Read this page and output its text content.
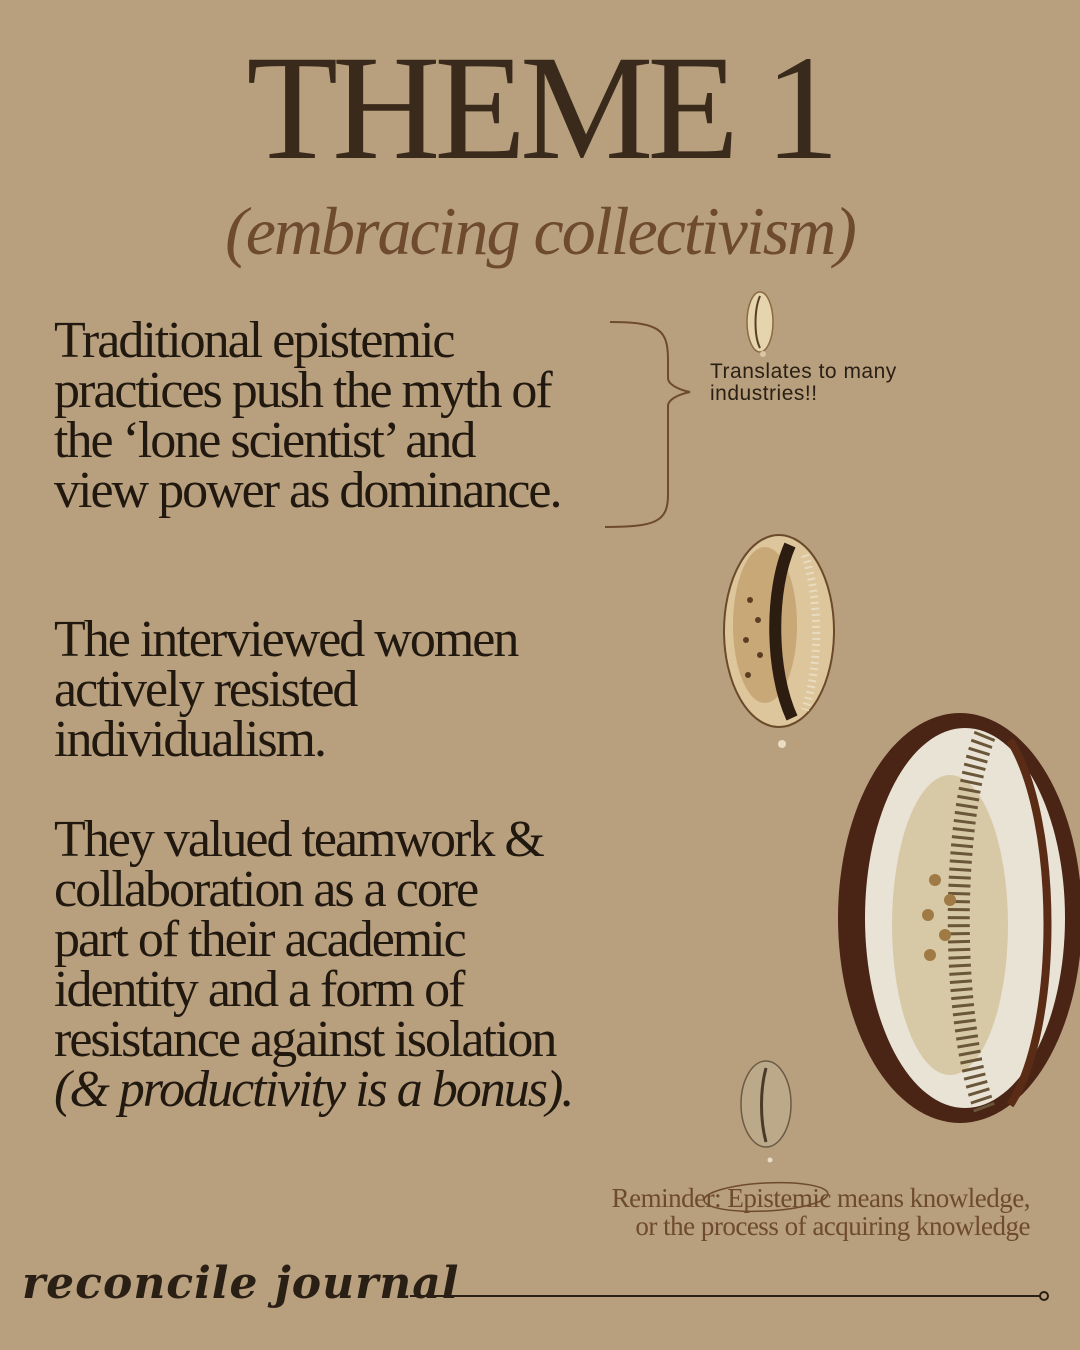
THEME 1
(embracing collectivism)

Traditional epistemic

practices push the myth of

the ‘lone scientist’ and

view power as dominance.

Translates to many
industries!!

The interviewed women

actively resisted

individualism.

They valued teamwork &

collaboration as a core

part of their academic

identity and a form of

resistance against isolation

(& productivity is a bonus).

Reminder: Epistemic means knowledge,
or the process of acquiring knowledge
reconcile journal
